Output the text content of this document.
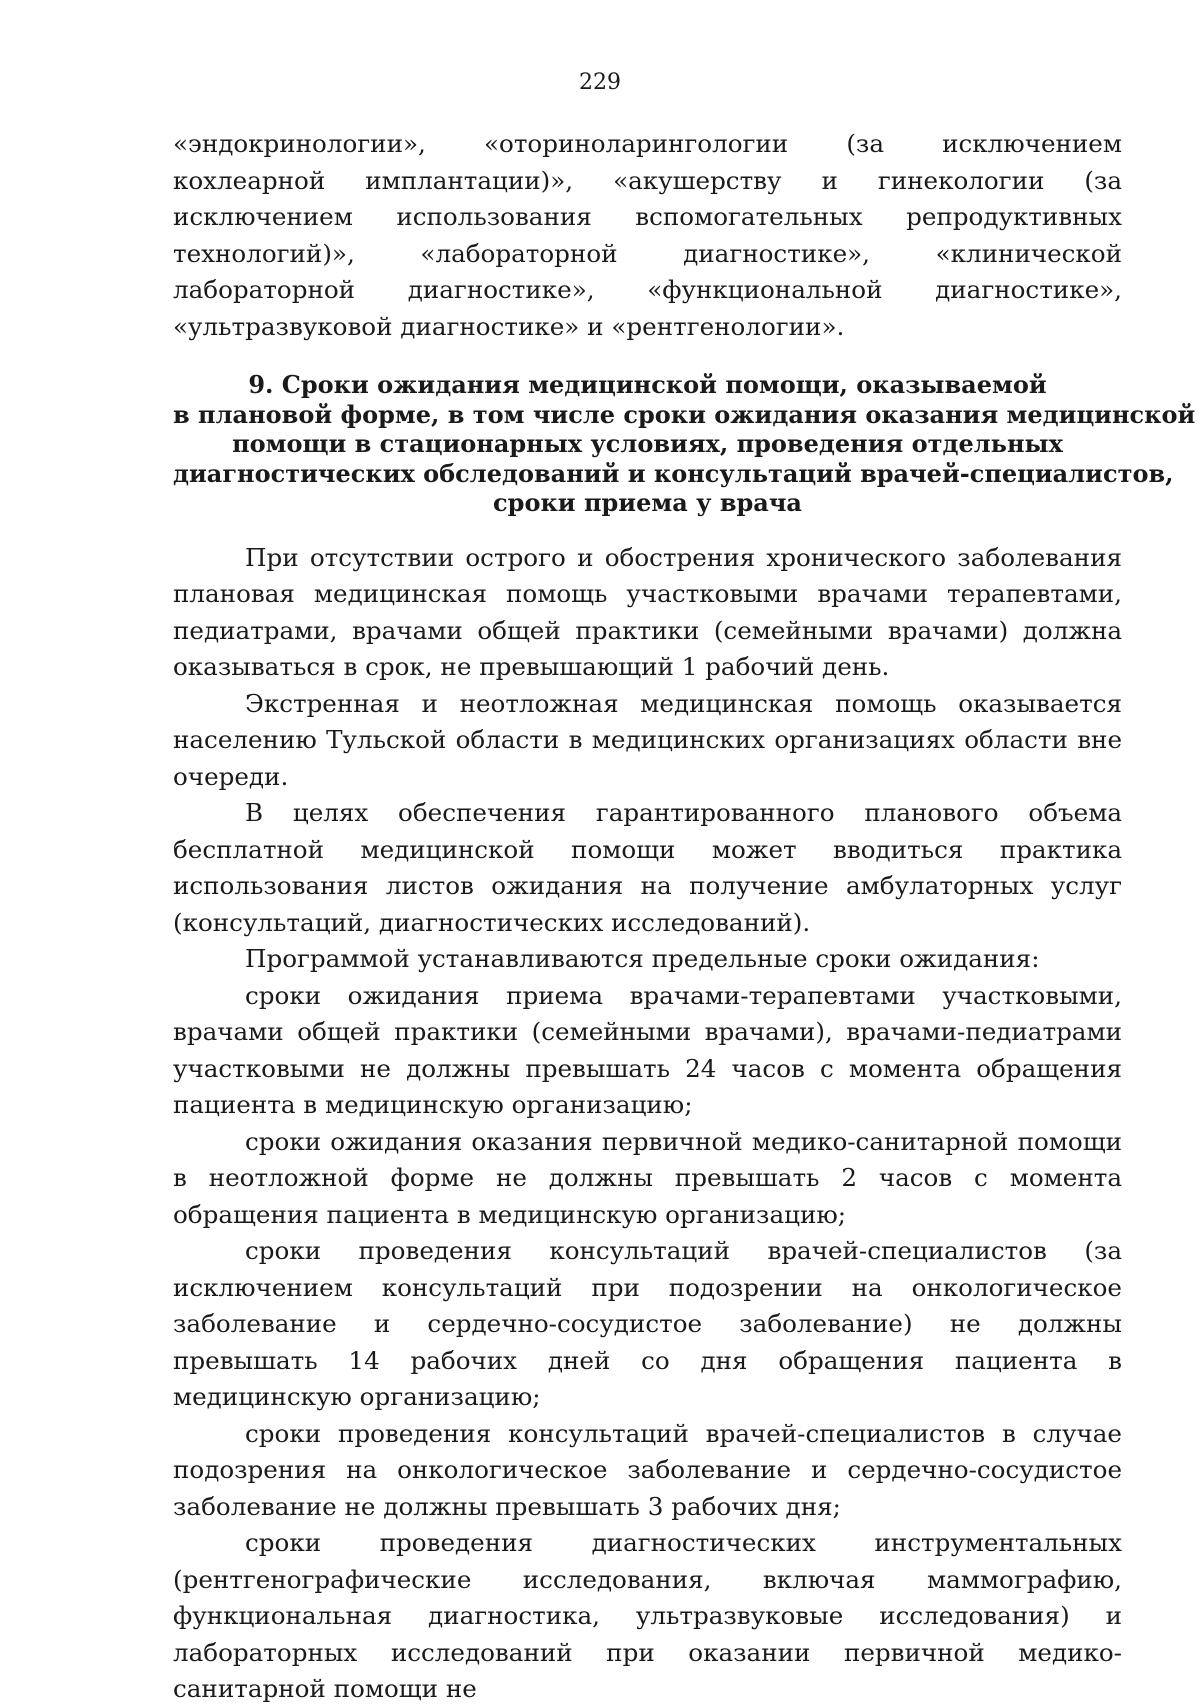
229

«эндокринологии», «оториноларингологии (за исключением кохлеарной имплантации)», «акушерству и гинекологии (за исключением использования вспомогательных репродуктивных технологий)», «лабораторной диагностике», «клинической лабораторной диагностике», «функциональной диагностике», «ультразвуковой диагностике» и «рентгенологии».

9. Сроки ожидания медицинской помощи, оказываемой
в плановой форме, в том числе сроки ожидания оказания медицинской
помощи в стационарных условиях, проведения отдельных
диагностических обследований и консультаций врачей-специалистов,
сроки приема у врача

При отсутствии острого и обострения хронического заболевания плановая медицинская помощь участковыми врачами терапевтами, педиатрами, врачами общей практики (семейными врачами) должна оказываться в срок, не превышающий 1 рабочий день.

Экстренная и неотложная медицинская помощь оказывается населению Тульской области в медицинских организациях области вне очереди.

В целях обеспечения гарантированного планового объема бесплатной медицинской помощи может вводиться практика использования листов ожидания на получение амбулаторных услуг (консультаций, диагностических исследований).

Программой устанавливаются предельные сроки ожидания:

сроки ожидания приема врачами-терапевтами участковыми, врачами общей практики (семейными врачами), врачами-педиатрами участковыми не должны превышать 24 часов с момента обращения пациента в медицинскую организацию;

сроки ожидания оказания первичной медико-санитарной помощи в неотложной форме не должны превышать 2 часов с момента обращения пациента в медицинскую организацию;

сроки проведения консультаций врачей-специалистов (за исключением консультаций при подозрении на онкологическое заболевание и сердечно-сосудистое заболевание) не должны превышать 14 рабочих дней со дня обращения пациента в медицинскую организацию;

сроки проведения консультаций врачей-специалистов в случае подозрения на онкологическое заболевание и сердечно-сосудистое заболевание не должны превышать 3 рабочих дня;

сроки проведения диагностических инструментальных (рентгенографические исследования, включая маммографию, функциональная диагностика, ультразвуковые исследования) и лабораторных исследований при оказании первичной медико-санитарной помощи не
